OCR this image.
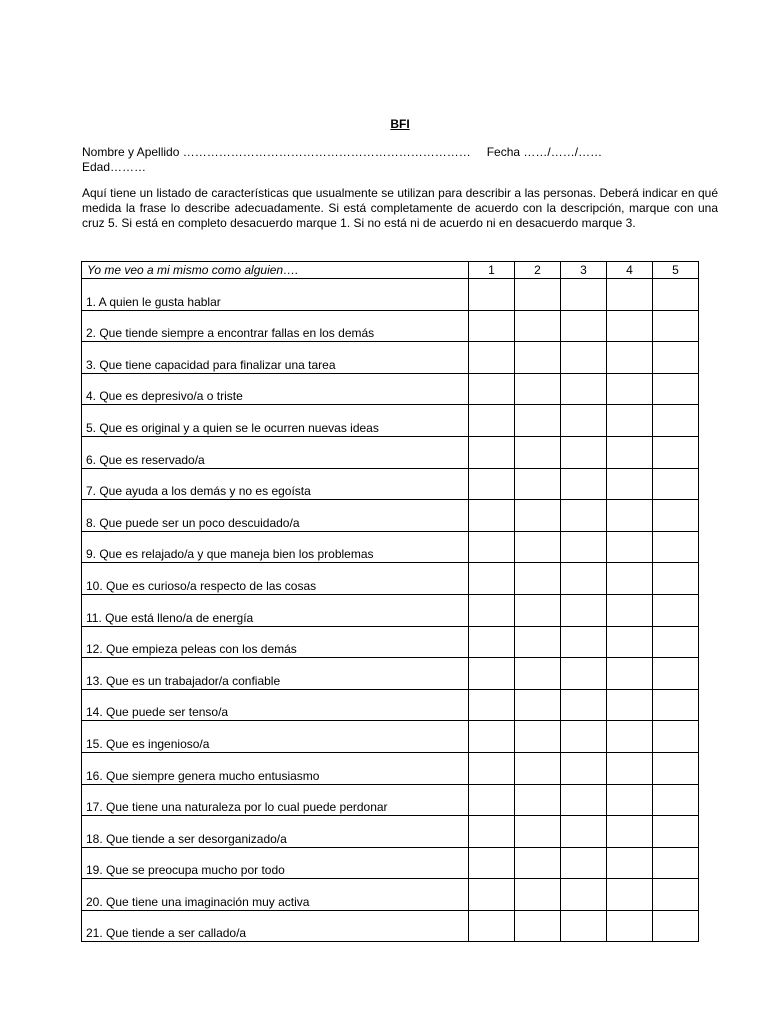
BFI
Nombre y Apellido ……………………………………………………………… Fecha ……/……/……
Edad………
Aquí tiene un listado de características que usualmente se utilizan para describir a las personas. Deberá indicar en qué medida la frase lo describe adecuadamente. Si está completamente de acuerdo con la descripción, marque con una cruz 5. Si está en completo desacuerdo marque 1. Si no está ni de acuerdo ni en desacuerdo marque 3.
Yo me veo a mi mismo como alguien….	1	2	3	4	5
1. A quien le gusta hablar					
2. Que tiende siempre a encontrar fallas en los demás					
3. Que tiene capacidad para finalizar una tarea					
4. Que es depresivo/a o triste					
5. Que es original y a quien se le ocurren nuevas ideas					
6. Que es reservado/a					
7. Que ayuda a los demás y no es egoísta					
8. Que puede ser un poco descuidado/a					
9. Que es relajado/a y que maneja bien los problemas					
10. Que es curioso/a respecto de las cosas					
11. Que está lleno/a de energía					
12. Que empieza peleas con los demás					
13. Que es un trabajador/a confiable					
14. Que puede ser tenso/a					
15. Que es ingenioso/a					
16. Que siempre genera mucho entusiasmo					
17. Que tiene una naturaleza por lo cual puede perdonar					
18. Que tiende a ser desorganizado/a					
19. Que se preocupa mucho por todo					
20. Que tiene una imaginación muy activa					
21. Que tiende a ser callado/a					
